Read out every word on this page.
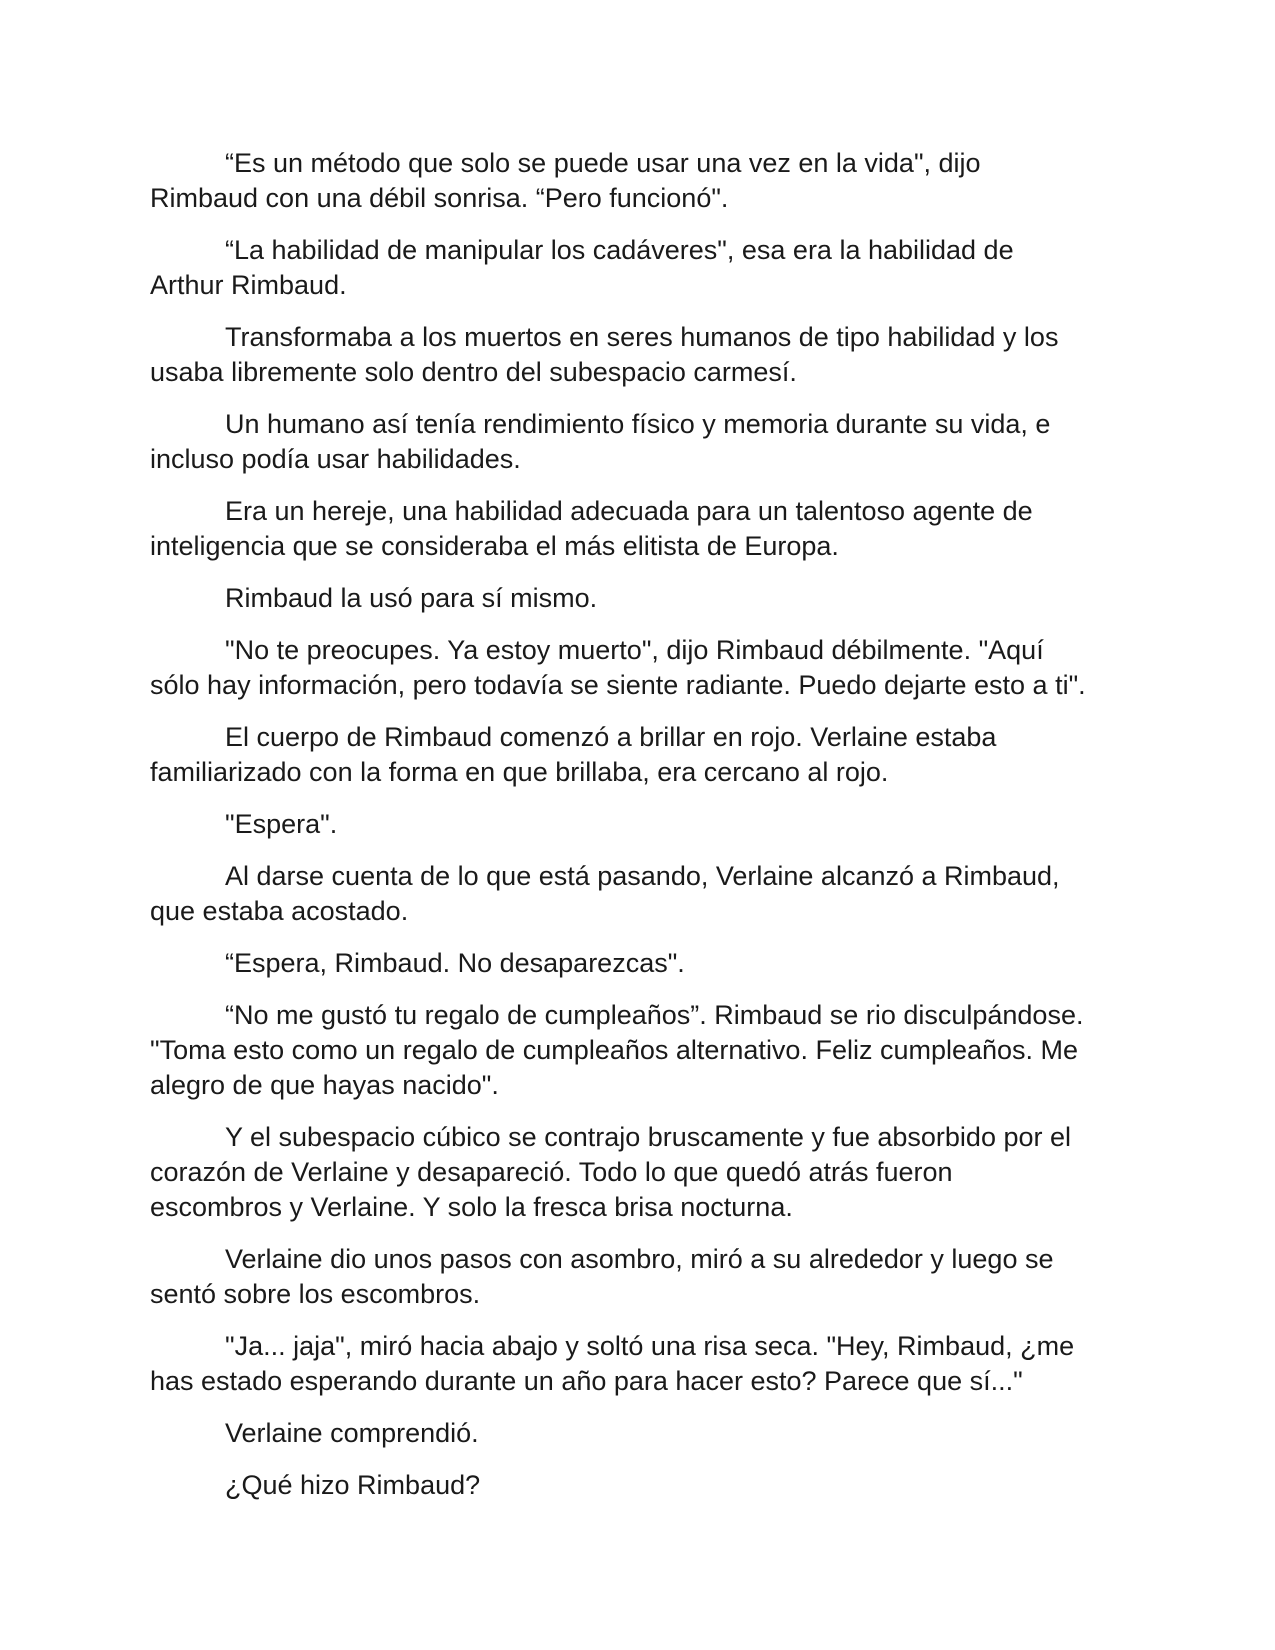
“Es un método que solo se puede usar una vez en la vida", dijo
Rimbaud con una débil sonrisa. “Pero funcionó".

“La habilidad de manipular los cadáveres", esa era la habilidad de
Arthur Rimbaud.

Transformaba a los muertos en seres humanos de tipo habilidad y los
usaba libremente solo dentro del subespacio carmesí.

Un humano así tenía rendimiento físico y memoria durante su vida, e
incluso podía usar habilidades.

Era un hereje, una habilidad adecuada para un talentoso agente de
inteligencia que se consideraba el más elitista de Europa.

Rimbaud la usó para sí mismo.

"No te preocupes. Ya estoy muerto", dijo Rimbaud débilmente. "Aquí
sólo hay información, pero todavía se siente radiante. Puedo dejarte esto a ti".

El cuerpo de Rimbaud comenzó a brillar en rojo. Verlaine estaba
familiarizado con la forma en que brillaba, era cercano al rojo.

"Espera".

Al darse cuenta de lo que está pasando, Verlaine alcanzó a Rimbaud,
que estaba acostado.

“Espera, Rimbaud. No desaparezcas".

“No me gustó tu regalo de cumpleaños”. Rimbaud se rio disculpándose.
"Toma esto como un regalo de cumpleaños alternativo. Feliz cumpleaños. Me
alegro de que hayas nacido".

Y el subespacio cúbico se contrajo bruscamente y fue absorbido por el
corazón de Verlaine y desapareció. Todo lo que quedó atrás fueron
escombros y Verlaine. Y solo la fresca brisa nocturna.

Verlaine dio unos pasos con asombro, miró a su alrededor y luego se
sentó sobre los escombros.

"Ja... jaja", miró hacia abajo y soltó una risa seca. "Hey, Rimbaud, ¿me
has estado esperando durante un año para hacer esto? Parece que sí..."

Verlaine comprendió.

¿Qué hizo Rimbaud?
